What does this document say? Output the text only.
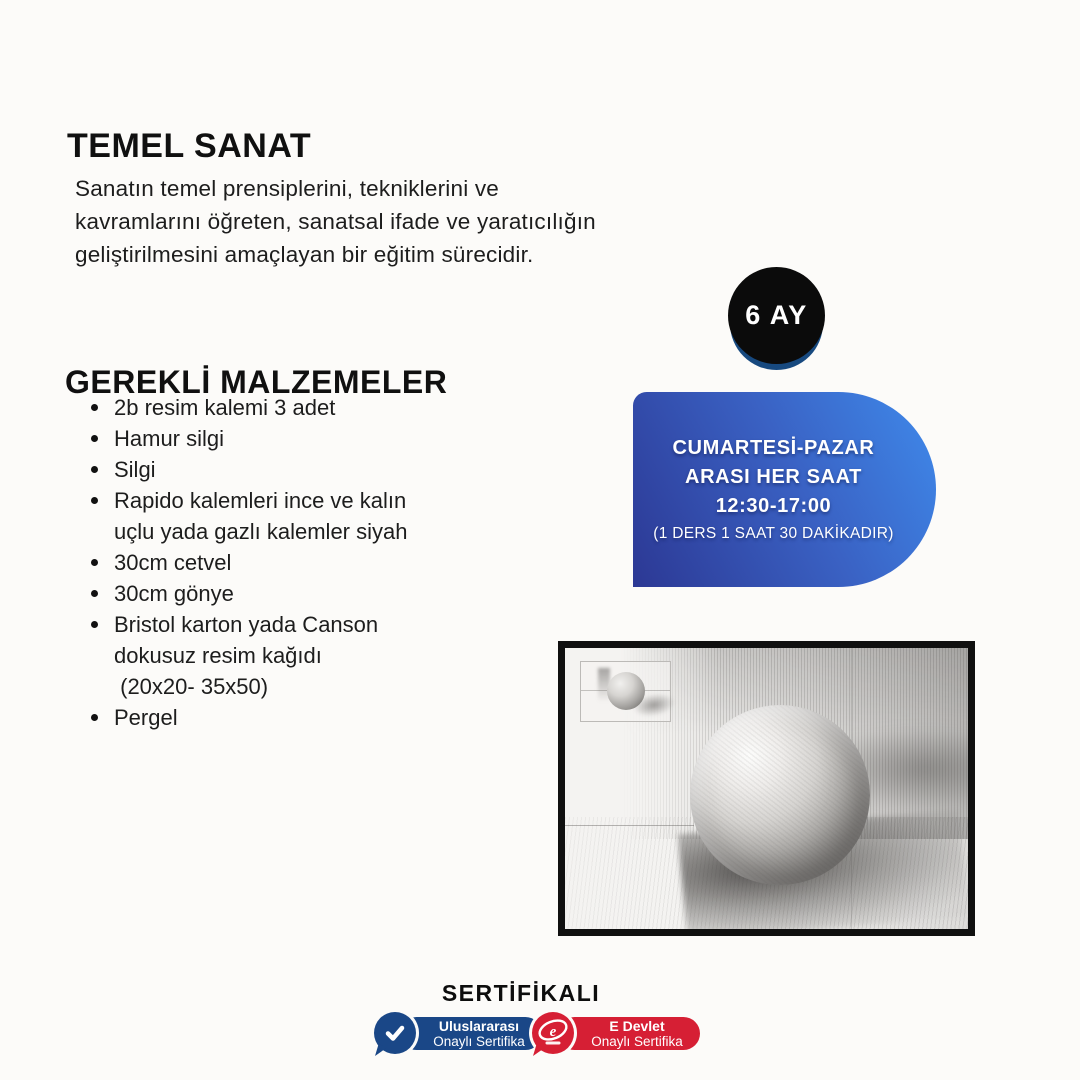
TEMEL SANAT
Sanatın temel prensiplerini, tekniklerini ve
kavramlarını öğreten, sanatsal ifade ve yaratıcılığın
geliştirilmesini amaçlayan bir eğitim sürecidir.
GEREKLİ MALZEMELER
2b resim kalemi 3 adet
Hamur silgi
Silgi
Rapido kalemleri ince ve kalın
uçlu yada gazlı kalemler siyah
30cm cetvel
30cm gönye
Bristol karton yada Canson
dokusuz resim kağıdı
(20x20- 35x50)
Pergel
6 AY
CUMARTESİ-PAZAR
ARASI HER SAAT
12:30-17:00
(1 DERS 1 SAAT 30 DAKİKADIR)
SERTİFİKALI
Uluslararası
Onaylı Sertifika
E Devlet
Onaylı Sertifika
e
